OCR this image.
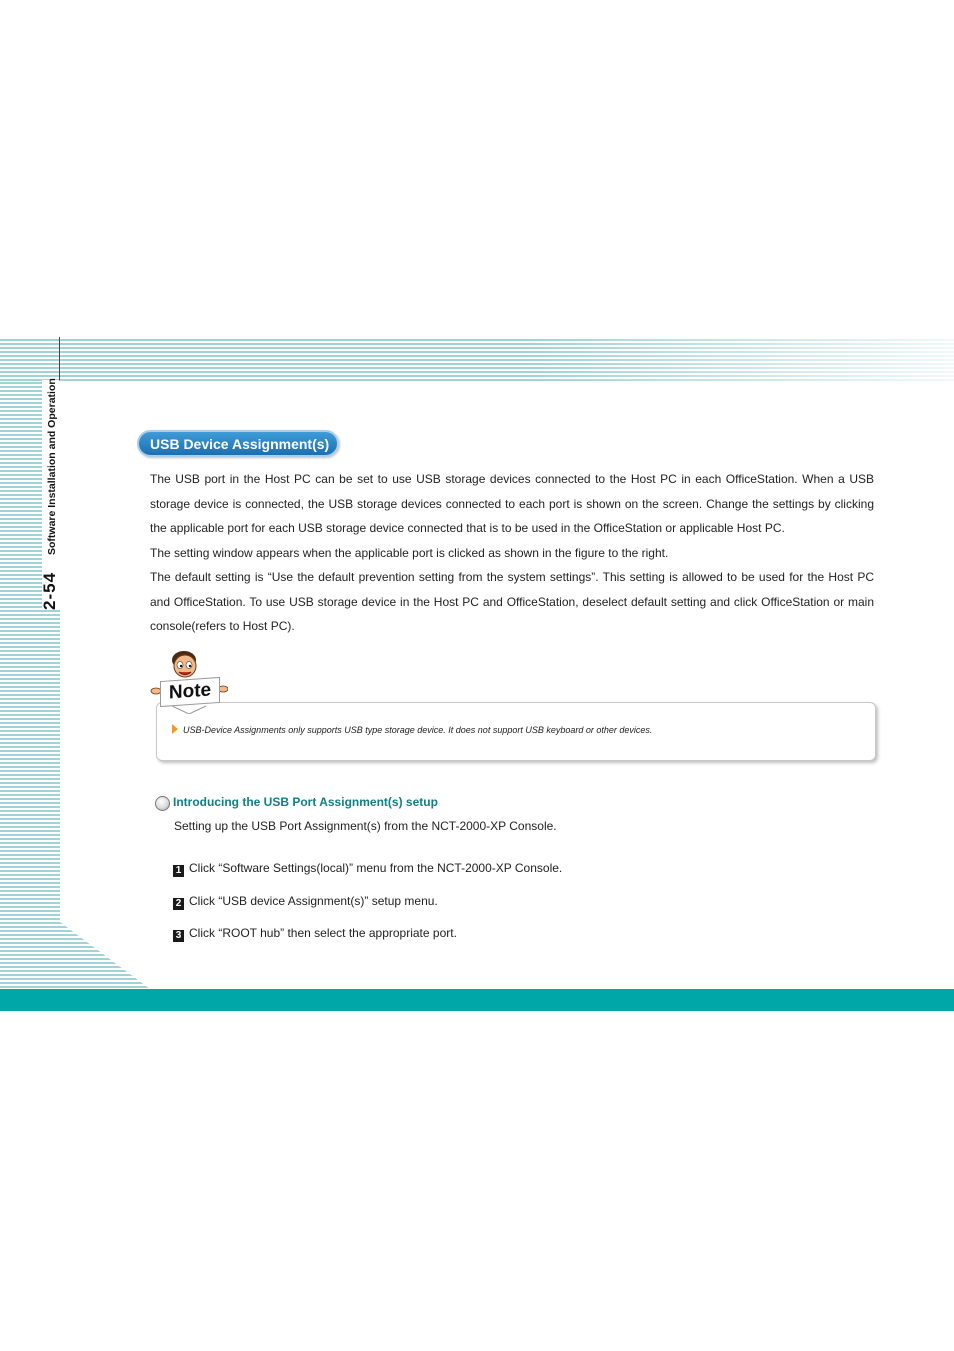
Software Installation and Operation
2-54
USB Device Assignment(s)

The USB port in the Host PC can be set to use USB storage devices connected to the Host PC in each OfficeStation. When a USB storage device is connected, the USB storage devices connected to each port is shown on the screen. Change the settings by clicking the applicable port for each USB storage device connected that is to be used in the OfficeStation or applicable Host PC.

The setting window appears when the applicable port is clicked as shown in the figure to the right.

The default setting is “Use the default prevention setting from the system settings”. This setting is allowed to be used for the Host PC and OfficeStation. To use USB storage device in the Host PC and OfficeStation, deselect default setting and click OfficeStation or main console(refers to Host PC).

Note
USB-Device Assignments only supports USB type storage device. It does not support USB keyboard or other devices.
Introducing the USB Port Assignment(s) setup
Setting up the USB Port Assignment(s) from the NCT-2000-XP Console.
1 Click “Software Settings(local)” menu from the NCT-2000-XP Console.
2 Click “USB device Assignment(s)” setup menu.
3 Click “ROOT hub” then select the appropriate port.
